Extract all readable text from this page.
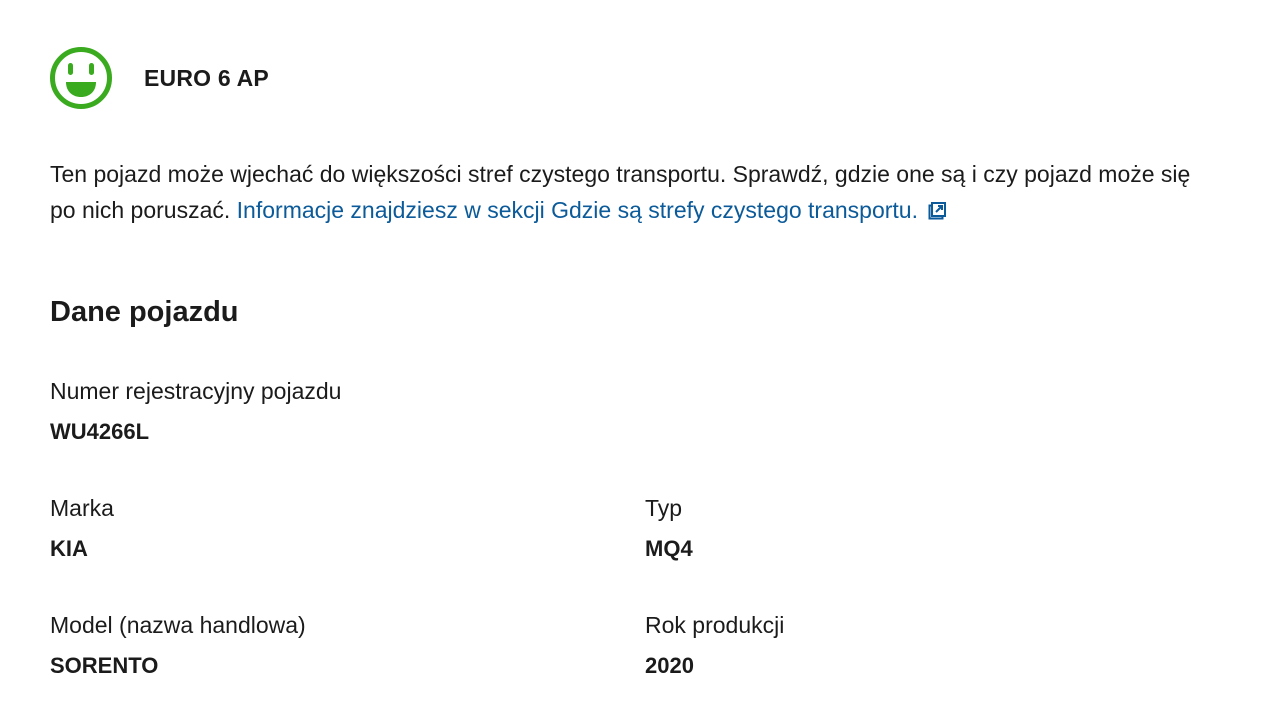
EURO 6 AP

Ten pojazd może wjechać do większości stref czystego transportu. Sprawdź, gdzie one są i czy pojazd może się po nich poruszać. Informacje znajdziesz w sekcji Gdzie są strefy czystego transportu.

Dane pojazdu
Numer rejestracyjny pojazdu
WU4266L
Marka
KIA
Typ
MQ4
Model (nazwa handlowa)
SORENTO
Rok produkcji
2020
